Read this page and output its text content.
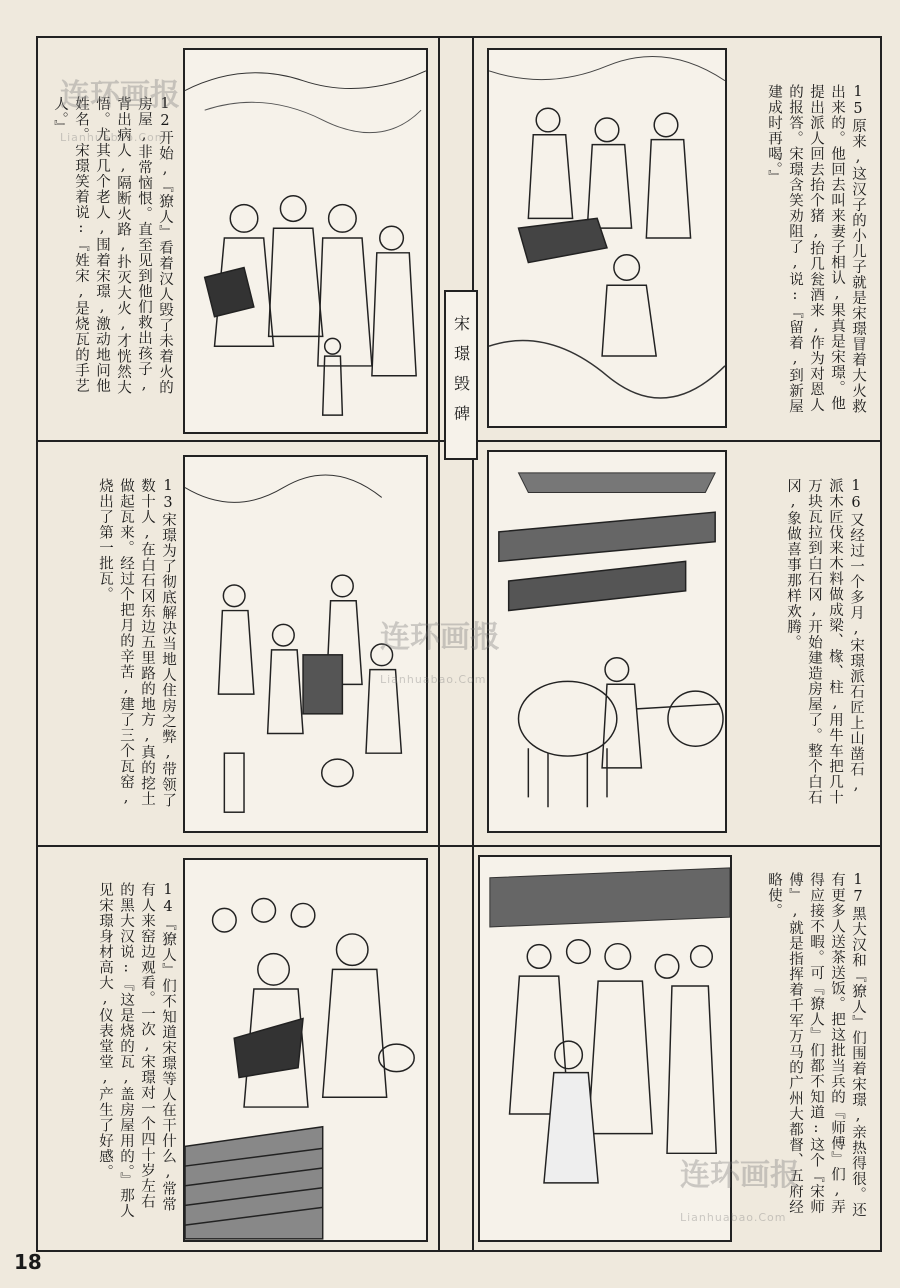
宋璟毁碑
12开始,『獠人』看着汉人毁了未着火的房屋,非常恼恨。直至见到他们救出孩子,背出病人,隔断火路,扑灭大火,才恍然大悟。尤其几个老人,围着宋璟,激动地问他姓名。宋璟笑着说:『姓宋,是烧瓦的手艺人。』	15原来,这汉子的小儿子就是宋璟冒着大火救出来的。他回去叫来妻子相认,果真是宋璟。他提出派人回去抬个猪,抬几瓮酒来,作为对恩人的报答。宋璟含笑劝阻了,说:『留着,到新屋建成时再喝。』
13宋璟为了彻底解决当地人住房之弊,带领了数十人,在白石冈东边五里路的地方,真的挖土做起瓦来。经过个把月的辛苦,建了三个瓦窑,烧出了第一批瓦。	16又经过一个多月,宋璟派石匠上山凿石,派木匠伐来木料做成梁、椽、柱,用牛车把几十万块瓦拉到白石冈,开始建造房屋了。整个白石冈,象做喜事那样欢腾。
14『獠人』们不知道宋璟等人在干什么,常常有人来窑边观看。一次,宋璟对一个四十岁左右的黑大汉说:『这是烧的瓦,盖房屋用的。』那人见宋璟身材高大,仪表堂堂,产生了好感。	17黑大汉和『獠人』们围着宋璟,亲热得很。还有更多人送茶送饭。把这批当兵的『师傅』们,弄得应接不暇。可『獠人』们都不知道:这个『宋师傅』,就是指挥着千军万马的广州大都督、五府经略使。
连环画报
Lianhuabao.Com
连环画报
Lianhuabao.Com
连环画报
Lianhuabao.Com
18
